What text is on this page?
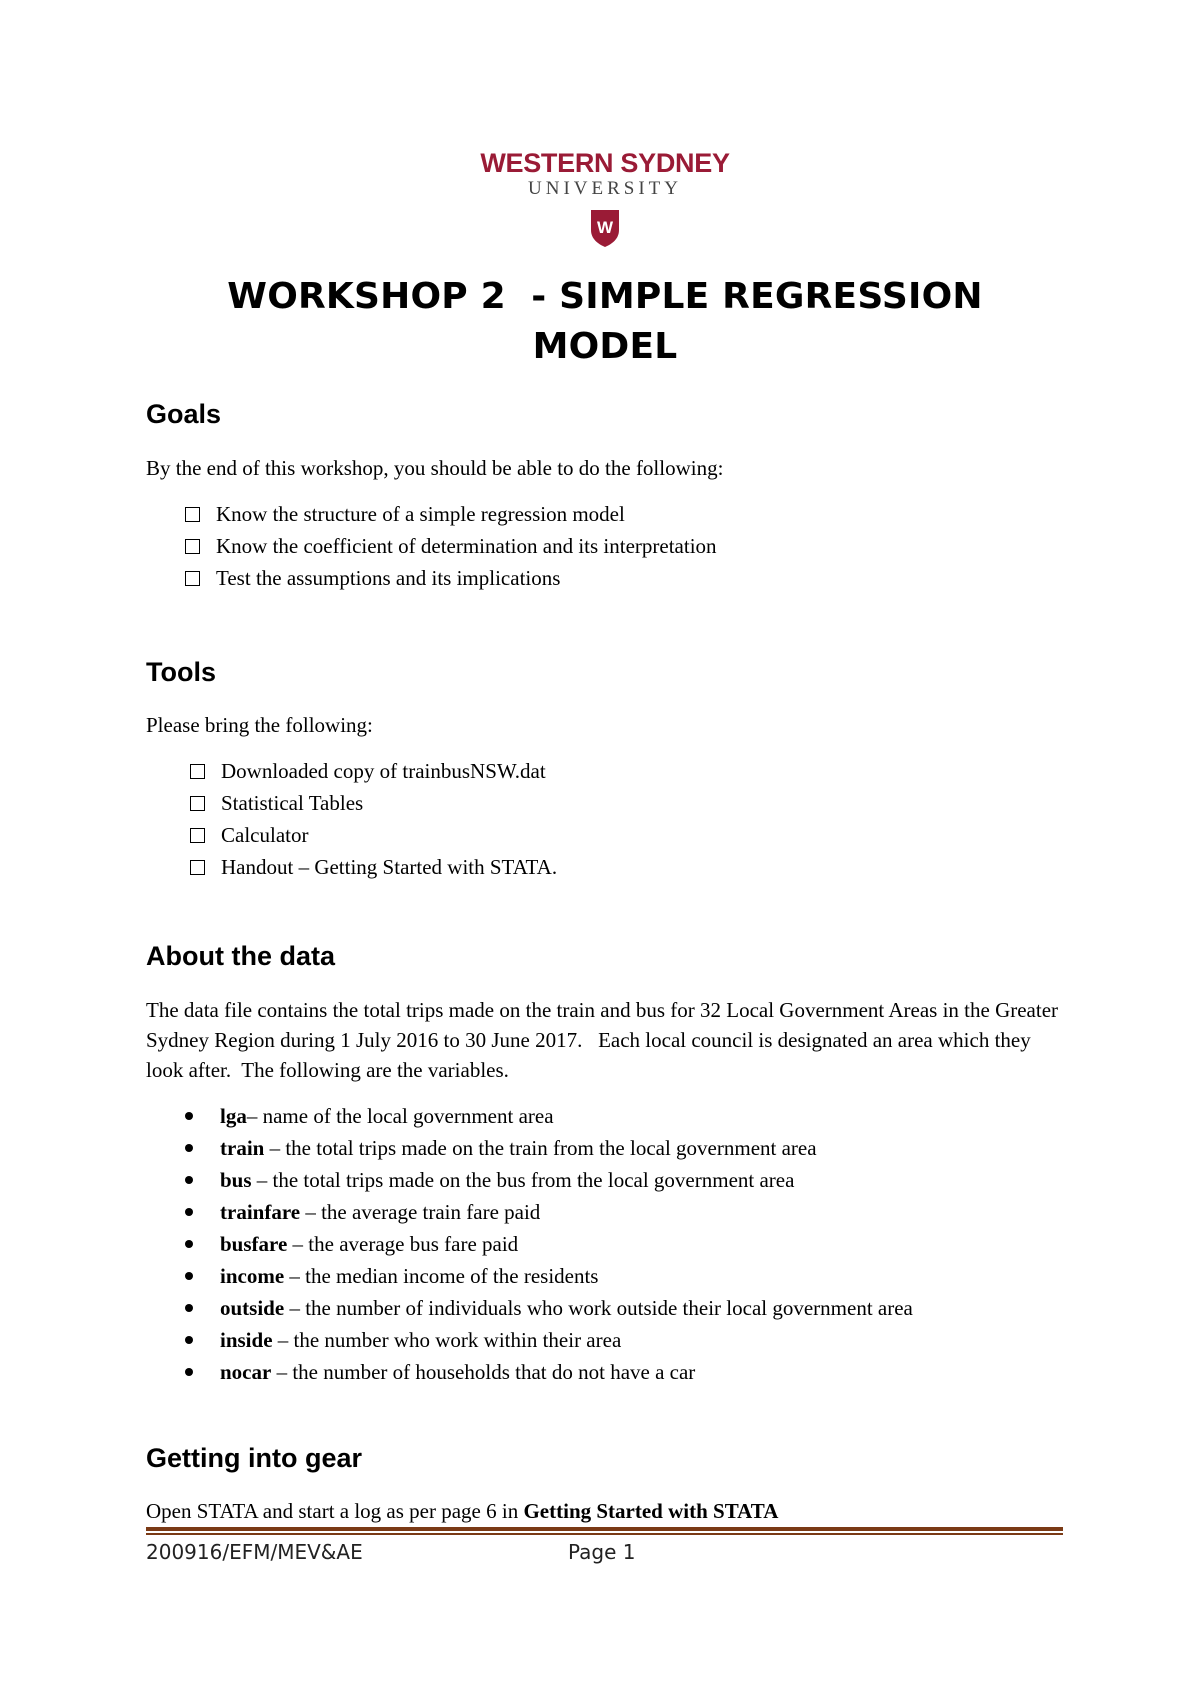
WESTERN SYDNEY
UNIVERSITY
W
WORKSHOP 2  - SIMPLE REGRESSION
MODEL
Goals
By the end of this workshop, you should be able to do the following:
Know the structure of a simple regression model
Know the coefficient of determination and its interpretation
Test the assumptions and its implications
Tools
Please bring the following:
Downloaded copy of trainbusNSW.dat
Statistical Tables
Calculator
Handout – Getting Started with STATA.
About the data
The data file contains the total trips made on the train and bus for 32 Local Government Areas in the Greater Sydney Region during 1 July 2016 to 30 June 2017.   Each local council is designated an area which they look after.  The following are the variables.
lga– name of the local government area
train – the total trips made on the train from the local government area
bus – the total trips made on the bus from the local government area
trainfare – the average train fare paid
busfare – the average bus fare paid
income – the median income of the residents
outside – the number of individuals who work outside their local government area
inside – the number who work within their area
nocar – the number of households that do not have a car
Getting into gear
Open STATA and start a log as per page 6 in Getting Started with STATA
200916/EFM/MEV&AE	Page 1
